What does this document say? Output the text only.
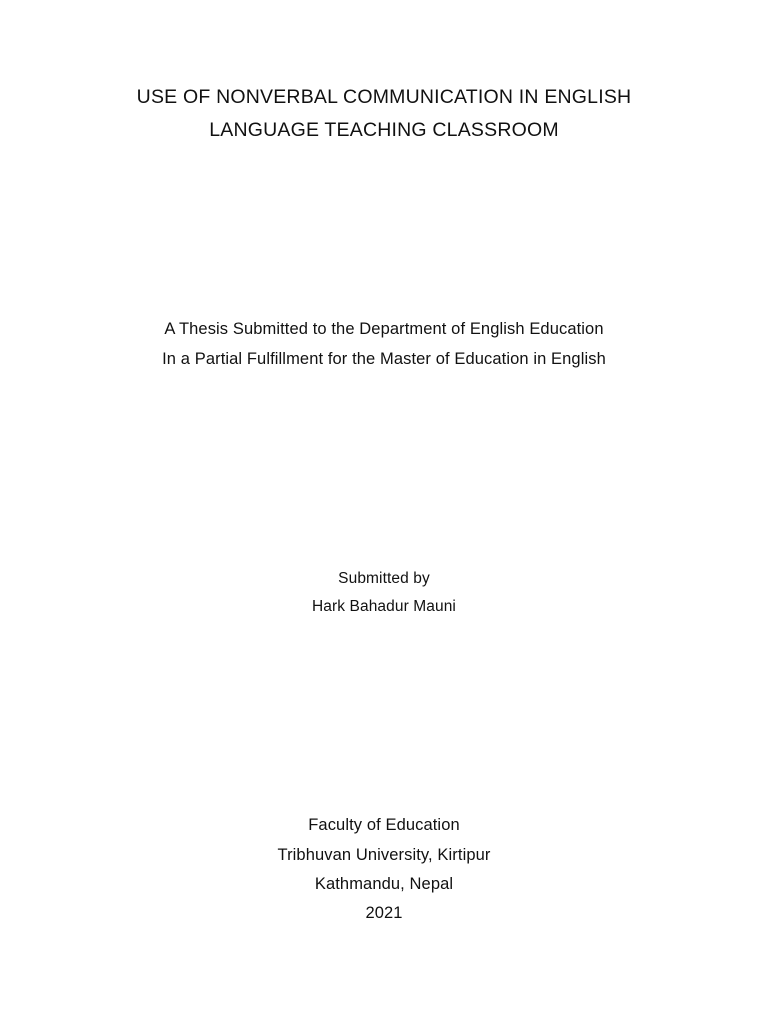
USE OF NONVERBAL COMMUNICATION IN ENGLISH
LANGUAGE TEACHING CLASSROOM
A Thesis Submitted to the Department of English Education
In a Partial Fulfillment for the Master of Education in English
Submitted by
Hark Bahadur Mauni
Faculty of Education
Tribhuvan University, Kirtipur
Kathmandu, Nepal
2021
